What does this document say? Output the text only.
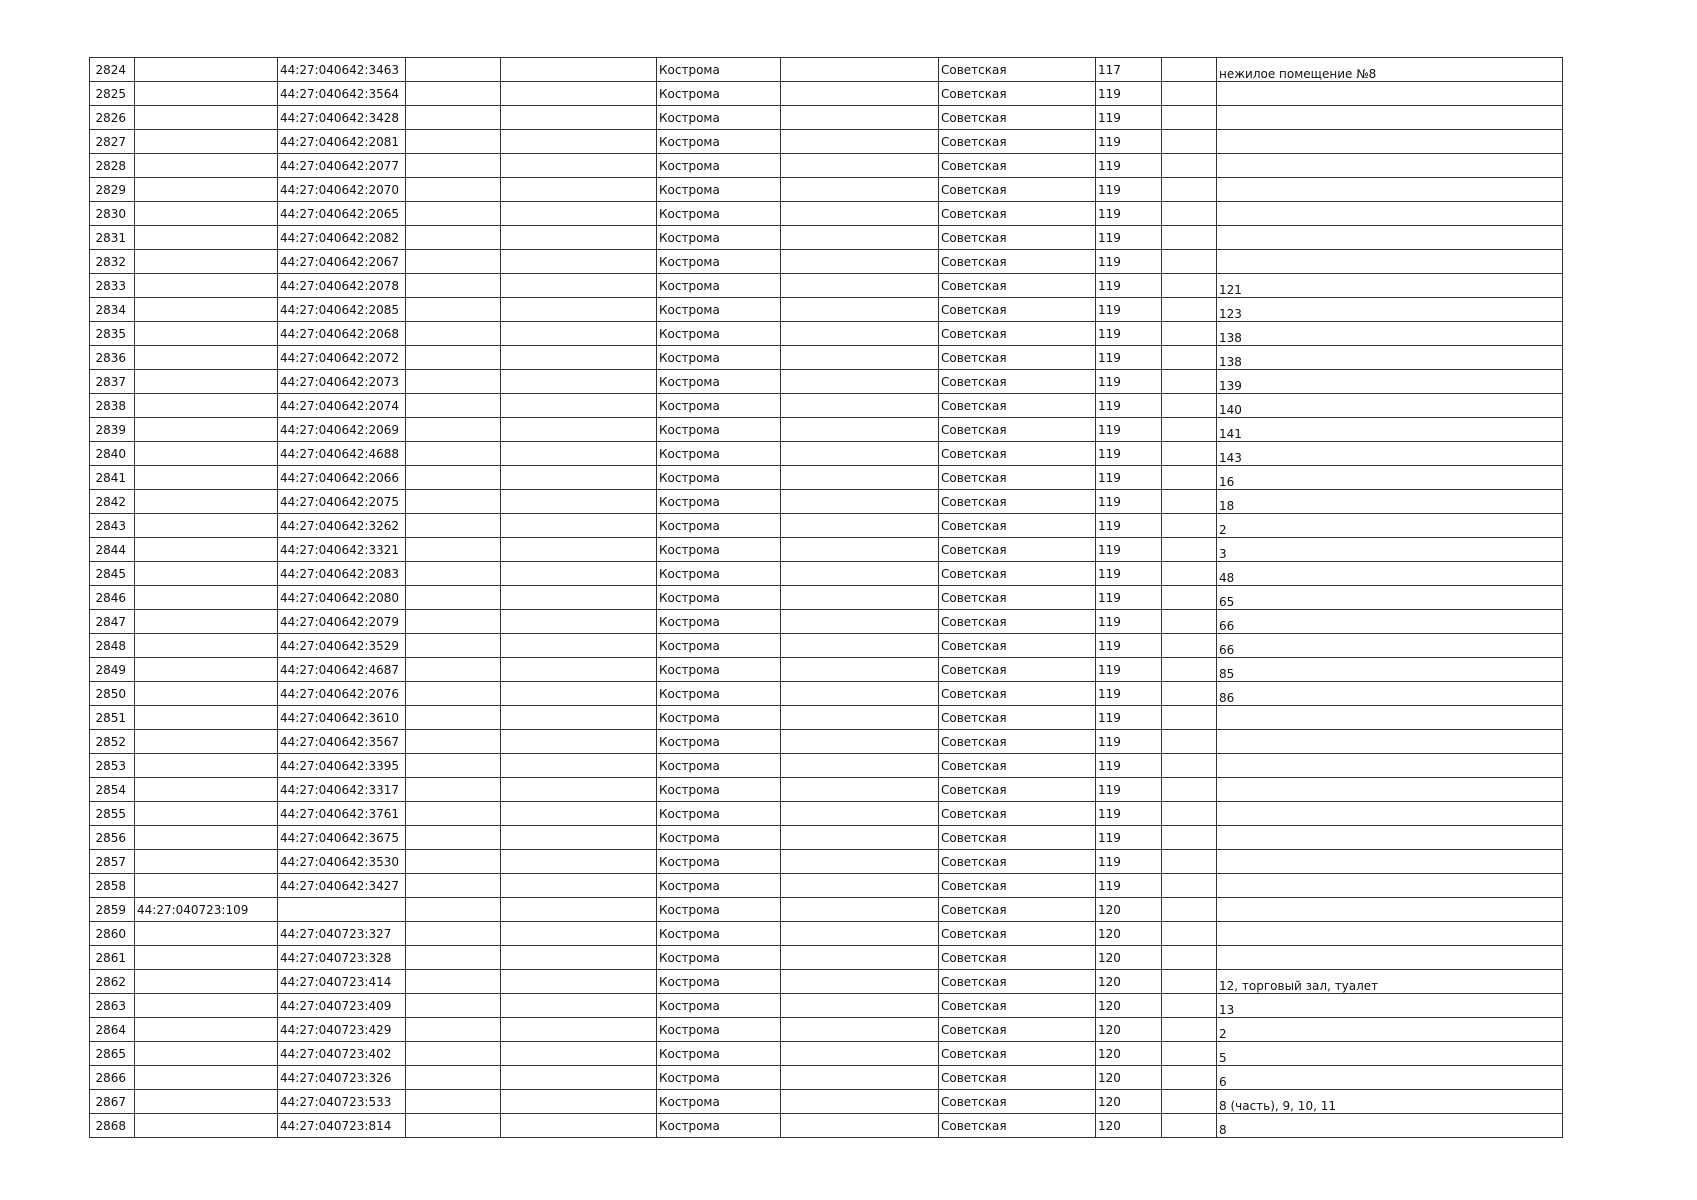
2824		44:27:040642:3463			Кострома		Советская	117		нежилое помещение №8
2825		44:27:040642:3564			Кострома		Советская	119		
2826		44:27:040642:3428			Кострома		Советская	119		
2827		44:27:040642:2081			Кострома		Советская	119		
2828		44:27:040642:2077			Кострома		Советская	119		
2829		44:27:040642:2070			Кострома		Советская	119		
2830		44:27:040642:2065			Кострома		Советская	119		
2831		44:27:040642:2082			Кострома		Советская	119		
2832		44:27:040642:2067			Кострома		Советская	119		
2833		44:27:040642:2078			Кострома		Советская	119		121
2834		44:27:040642:2085			Кострома		Советская	119		123
2835		44:27:040642:2068			Кострома		Советская	119		138
2836		44:27:040642:2072			Кострома		Советская	119		138
2837		44:27:040642:2073			Кострома		Советская	119		139
2838		44:27:040642:2074			Кострома		Советская	119		140
2839		44:27:040642:2069			Кострома		Советская	119		141
2840		44:27:040642:4688			Кострома		Советская	119		143
2841		44:27:040642:2066			Кострома		Советская	119		16
2842		44:27:040642:2075			Кострома		Советская	119		18
2843		44:27:040642:3262			Кострома		Советская	119		2
2844		44:27:040642:3321			Кострома		Советская	119		3
2845		44:27:040642:2083			Кострома		Советская	119		48
2846		44:27:040642:2080			Кострома		Советская	119		65
2847		44:27:040642:2079			Кострома		Советская	119		66
2848		44:27:040642:3529			Кострома		Советская	119		66
2849		44:27:040642:4687			Кострома		Советская	119		85
2850		44:27:040642:2076			Кострома		Советская	119		86
2851		44:27:040642:3610			Кострома		Советская	119		
2852		44:27:040642:3567			Кострома		Советская	119		
2853		44:27:040642:3395			Кострома		Советская	119		
2854		44:27:040642:3317			Кострома		Советская	119		
2855		44:27:040642:3761			Кострома		Советская	119		
2856		44:27:040642:3675			Кострома		Советская	119		
2857		44:27:040642:3530			Кострома		Советская	119		
2858		44:27:040642:3427			Кострома		Советская	119		
2859	44:27:040723:109				Кострома		Советская	120		
2860		44:27:040723:327			Кострома		Советская	120		
2861		44:27:040723:328			Кострома		Советская	120		
2862		44:27:040723:414			Кострома		Советская	120		12, торговый зал, туалет
2863		44:27:040723:409			Кострома		Советская	120		13
2864		44:27:040723:429			Кострома		Советская	120		2
2865		44:27:040723:402			Кострома		Советская	120		5
2866		44:27:040723:326			Кострома		Советская	120		6
2867		44:27:040723:533			Кострома		Советская	120		8 (часть), 9, 10, 11
2868		44:27:040723:814			Кострома		Советская	120		8
